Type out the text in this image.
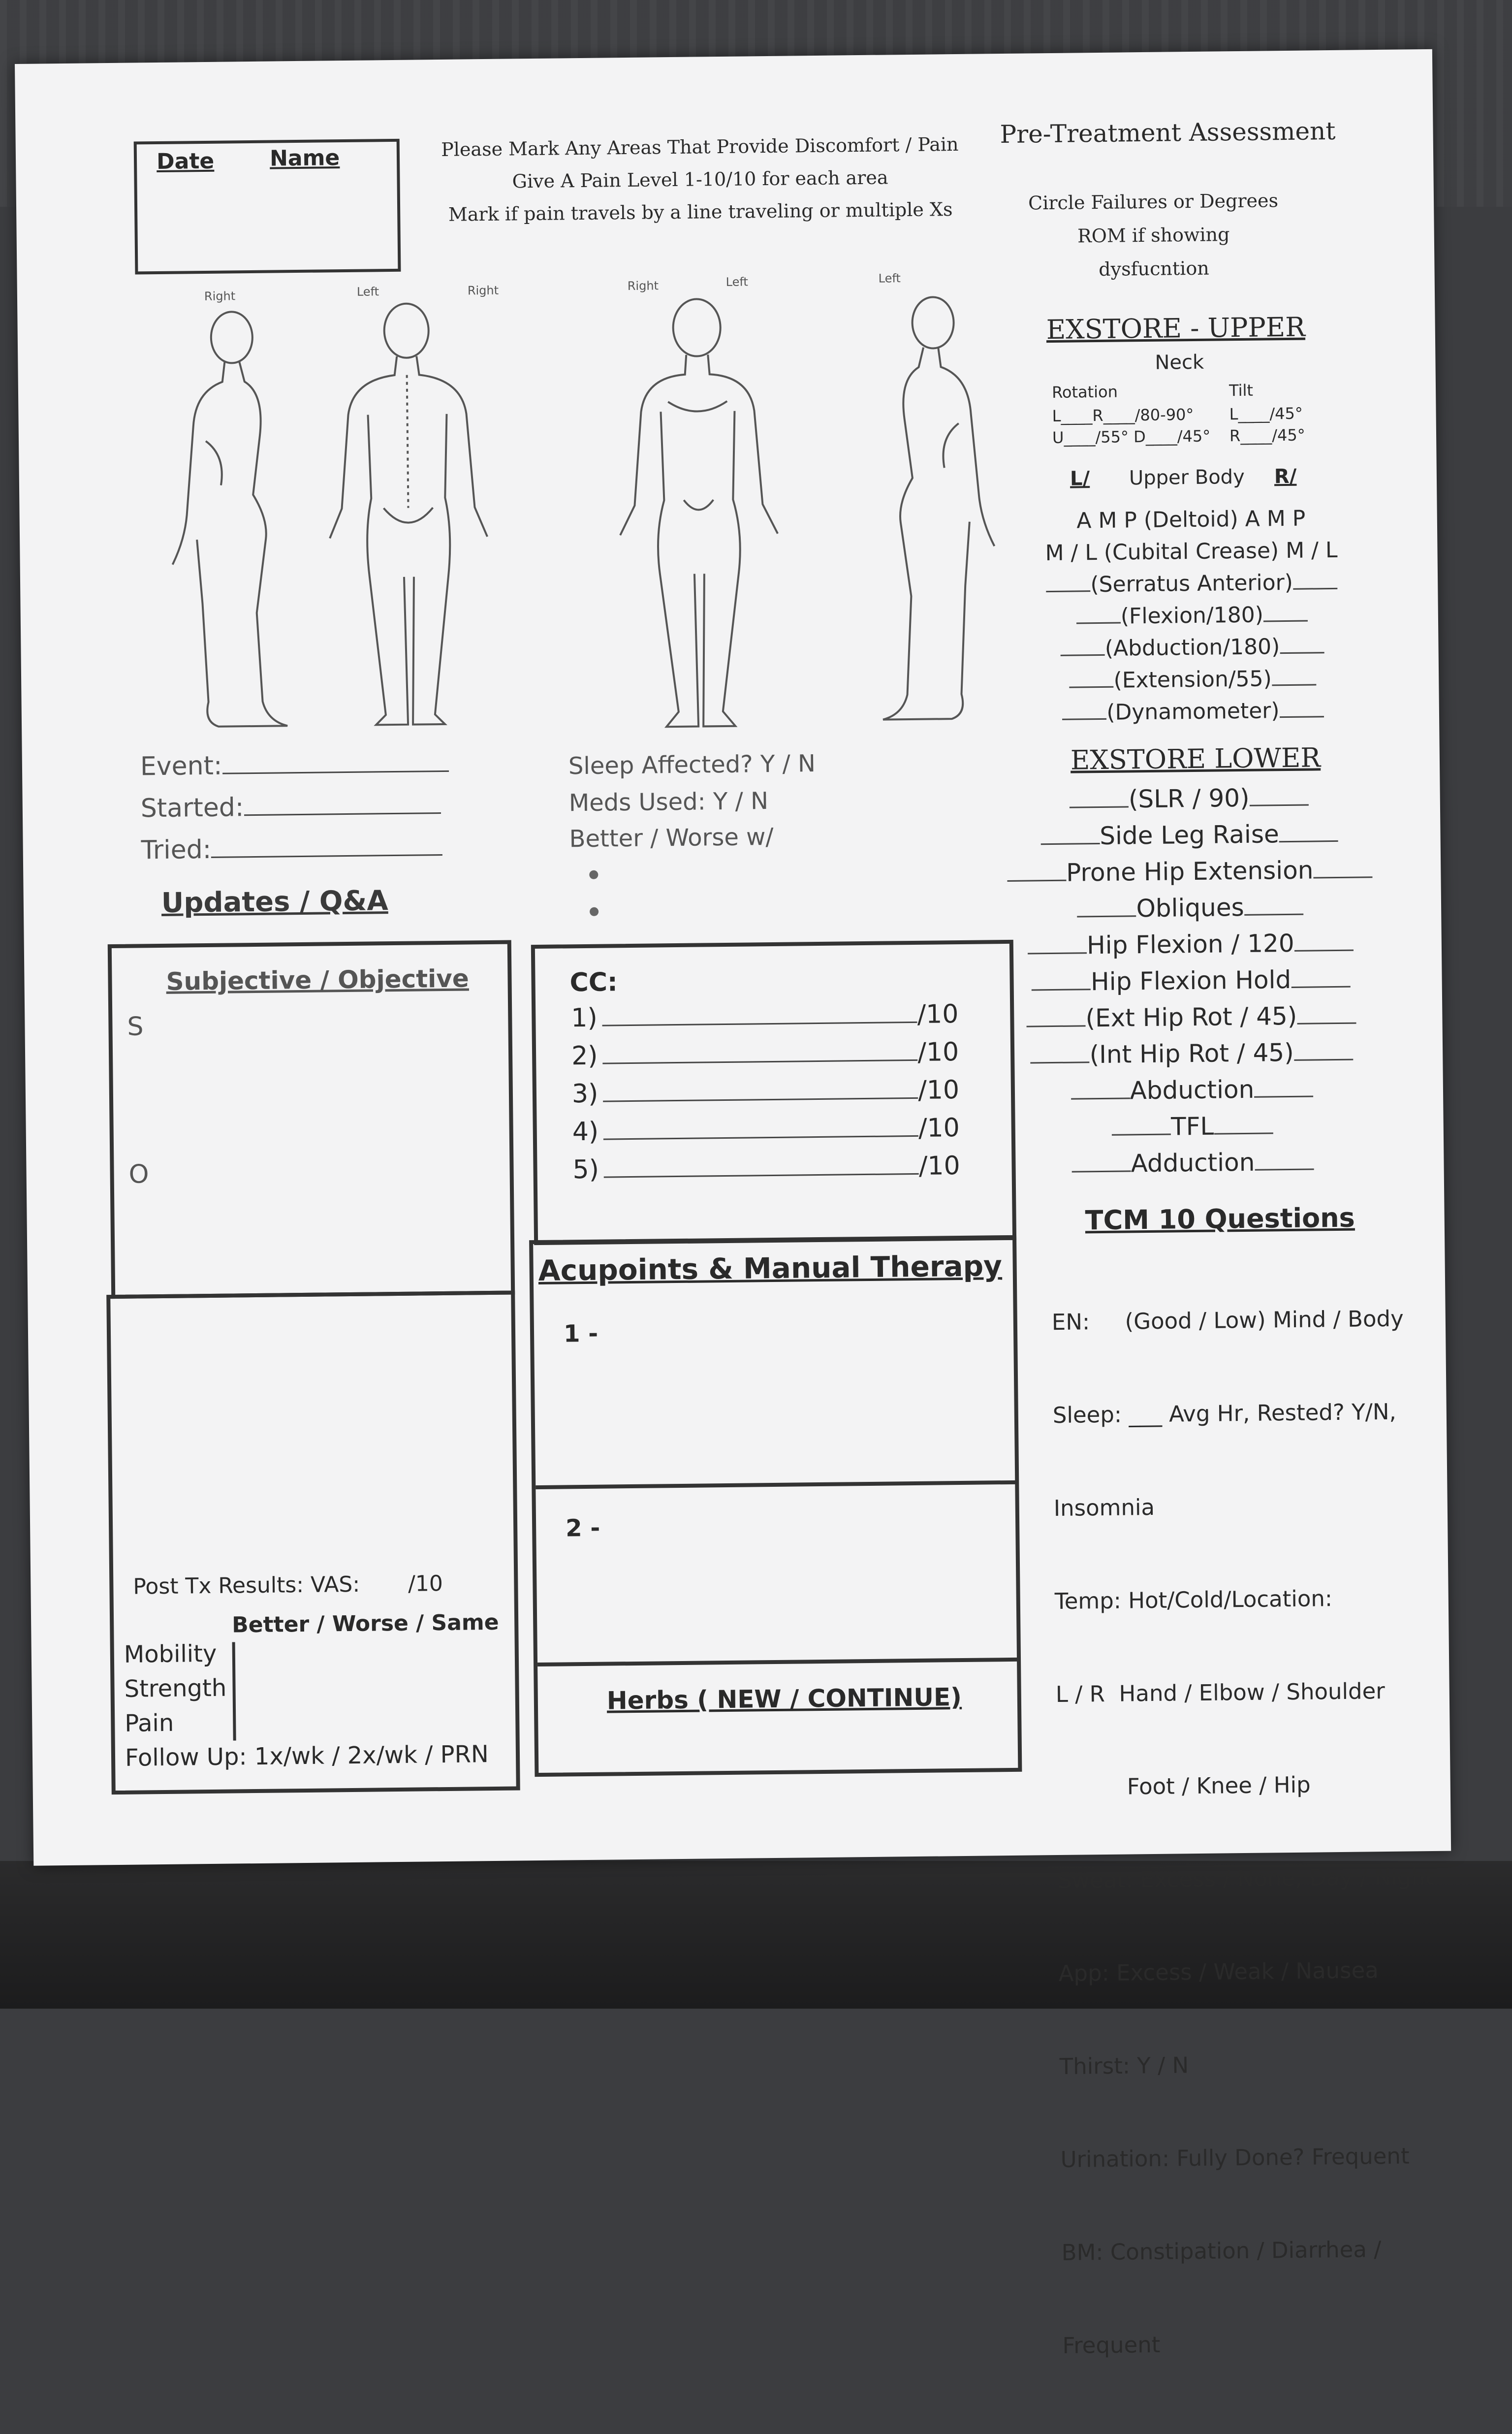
Date	Name	Please Mark Any Areas That Provide Discomfort / Pain
Give A Pain Level 1-10/10 for each area
Mark if pain travels by a line traveling or multiple Xs
Pre-Treatment Assessment
Circle Failures or Degrees
ROM if showing
dysfucntion
Right	Left	Right	Right	Left	Left
Event:
Started:
Tried:
Sleep Affected? Y / N
Meds Used: Y / N
Better / Worse w/
Updates / Q&A
Subjective / Objective
S
O
Post Tx Results: VAS:       /10
Better / Worse / Same
Mobility
Strength
Pain
Follow Up: 1x/wk / 2x/wk / PRN
CC:
1)	/10
2)	/10
3)	/10
4)	/10
5)	/10
Acupoints & Manual Therapy
1 -
2 -
Herbs ( NEW / CONTINUE)
EXSTORE - UPPER
Neck
Rotation	Tilt
L____R____/80-90° L____/45°
U____/55° D____/45° R____/45°
L/ Upper Body R/
A M P (Deltoid) A M P
M / L (Cubital Crease) M / L
(Serratus Anterior)
(Flexion/180)
(Abduction/180)
(Extension/55)
(Dynamometer)
EXSTORE LOWER
(SLR / 90)
Side Leg Raise
Prone Hip Extension
Obliques
Hip Flexion / 120
Hip Flexion Hold
(Ext Hip Rot / 45)
(Int Hip Rot / 45)
Abduction
TFL
Adduction
TCM 10 Questions

EN:     (Good / Low) Mind / Body

Sleep: ___ Avg Hr, Rested? Y/N,

Insomnia

Temp: Hot/Cold/Location:

L / R  Hand / Elbow / Shoulder

Foot / Knee / Hip

Sweat: Excess / None, Day / Night

App: Excess / Weak / Nausea

Thirst: Y / N

Urination: Fully Done? Frequent

BM: Constipation / Diarrhea /

Frequent
